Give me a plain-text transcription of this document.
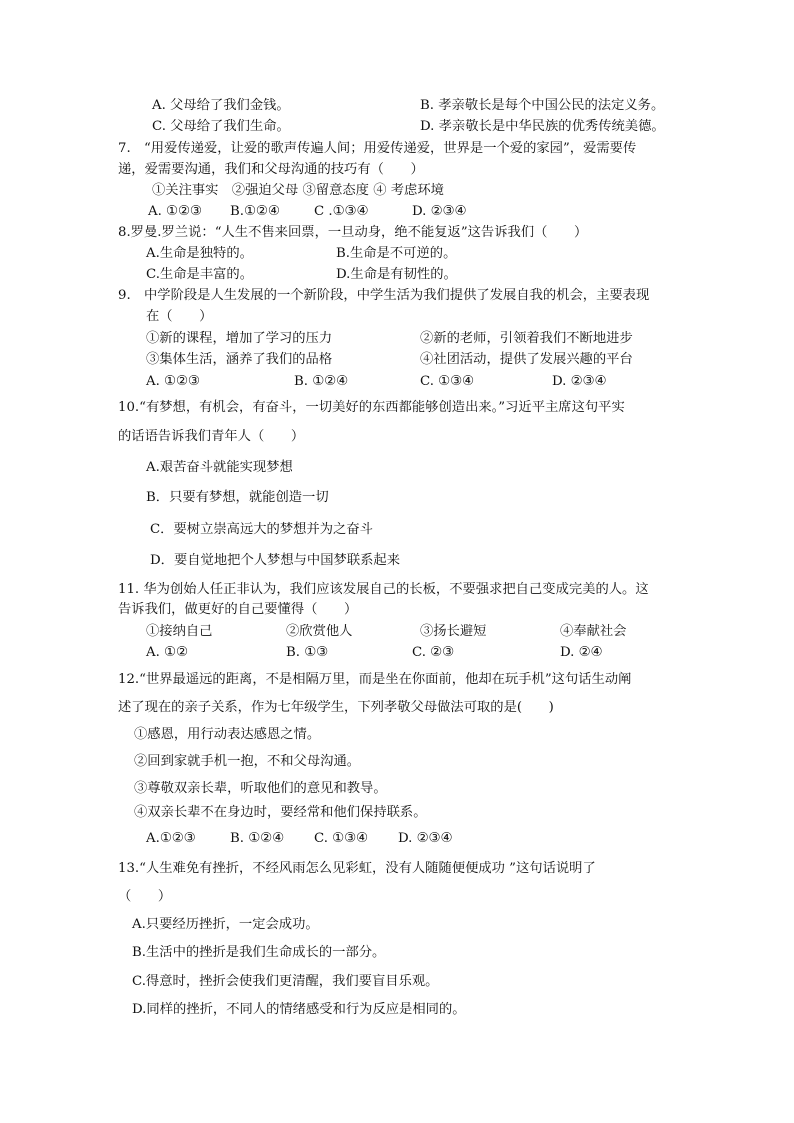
A. 父母给了我们金钱。	B. 孝亲敬长是每个中国公民的法定义务。
C. 父母给了我们生命。	D. 孝亲敬长是中华民族的优秀传统美德。
7.　“用爱传递爱，让爱的歌声传遍人间；用爱传递爱，世界是一个爱的家园”，爱需要传
递，爱需要沟通，我们和父母沟通的技巧有（　　）
①关注事实　②强迫父母 ③留意态度 ④ 考虑环境
A. ①②③ B.①②④	C .①③④	D. ②③④
8.罗曼.罗兰说：“人生不售来回票，一旦动身，绝不能复返”这告诉我们（　　）
A.生命是独特的。	B.生命是不可逆的。
C.生命是丰富的。	D.生命是有韧性的。
9.　中学阶段是人生发展的一个新阶段，中学生活为我们提供了发展自我的机会，主要表现
在（　　）
①新的课程，增加了学习的压力	②新的老师，引领着我们不断地进步
③集体生活，涵养了我们的品格	④社团活动，提供了发展兴趣的平台
A. ①②③	B. ①②④	C. ①③④	D. ②③④
10.“有梦想，有机会，有奋斗，一切美好的东西都能够创造出来。”习近平主席这句平实
的话语告诉我们青年人（　　）
A.艰苦奋斗就能实现梦想
B．只要有梦想，就能创造一切
C．要树立崇高远大的梦想并为之奋斗
D．要自觉地把个人梦想与中国梦联系起来
11. 华为创始人任正非认为，我们应该发展自己的长板，不要强求把自己变成完美的人。这
告诉我们，做更好的自己要懂得（　　）
①接纳自己	②欣赏他人	③扬长避短	④奉献社会
A. ①②	B. ①③	C. ②③	D. ②④
12.“世界最遥远的距离，不是相隔万里，而是坐在你面前，他却在玩手机”这句话生动阐
述了现在的亲子关系，作为七年级学生，下列孝敬父母做法可取的是(　　)
①感恩，用行动表达感恩之情。
②回到家就手机一抱，不和父母沟通。
③尊敬双亲长辈，听取他们的意见和教导。
④双亲长辈不在身边时，要经常和他们保持联系。
A.①②③	B. ①②④ C. ①③④ D. ②③④
13.“人生难免有挫折，不经风雨怎么见彩虹，没有人随随便便成功 ”这句话说明了
（　　）
A.只要经历挫折，一定会成功。
B.生活中的挫折是我们生命成长的一部分。
C.得意时，挫折会使我们更清醒，我们要盲目乐观。
D.同样的挫折，不同人的情绪感受和行为反应是相同的。
